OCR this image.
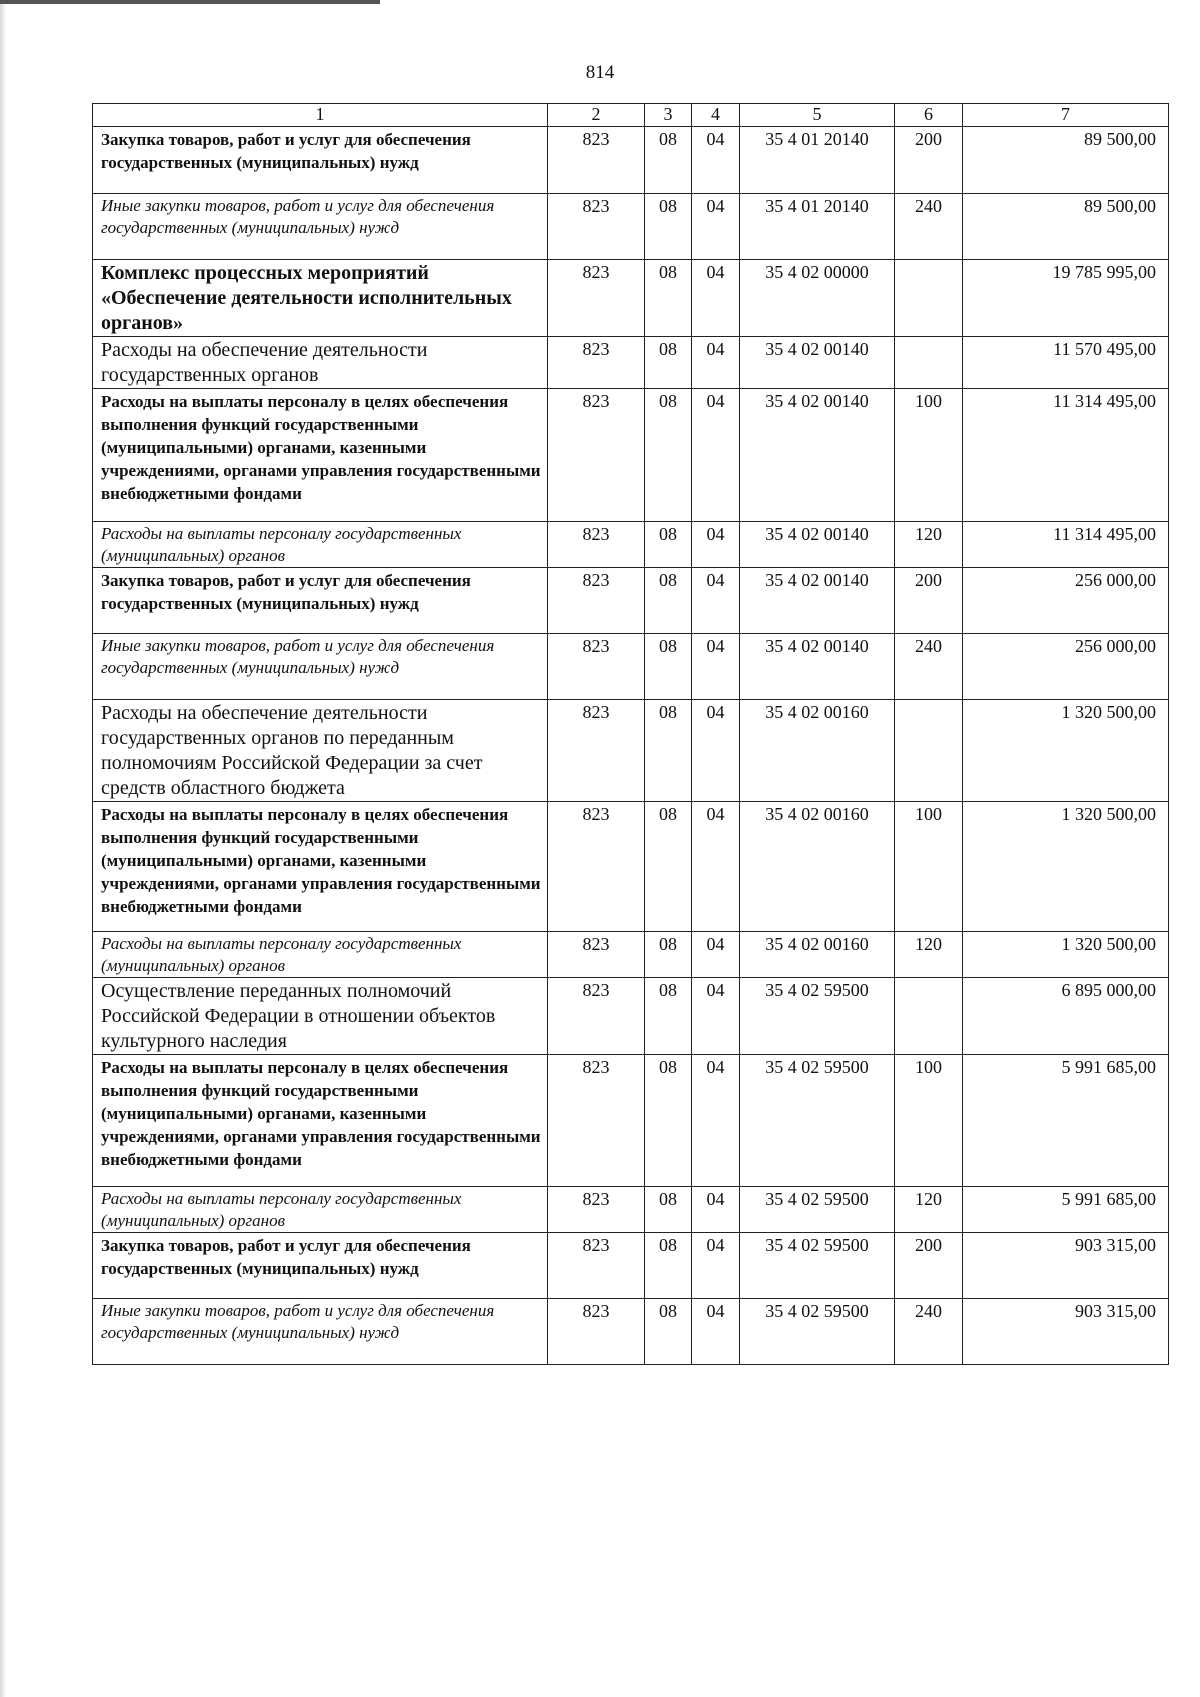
814
1	2	3	4	5	6	7
Закупка товаров, работ и услуг для обеспечения государственных (муниципальных) нужд	823	08	04	35 4 01 20140	200	89 500,00
Иные закупки товаров, работ и услуг для обеспечения государственных (муниципальных) нужд	823	08	04	35 4 01 20140	240	89 500,00
Комплекс процессных мероприятий «Обеспечение деятельности исполнительных органов»	823	08	04	35 4 02 00000		19 785 995,00
Расходы на обеспечение деятельности государственных органов	823	08	04	35 4 02 00140		11 570 495,00
Расходы на выплаты персоналу в целях обеспечения выполнения функций государственными (муниципальными) органами, казенными учреждениями, органами управления государственными внебюджетными фондами	823	08	04	35 4 02 00140	100	11 314 495,00
Расходы на выплаты персоналу государственных (муниципальных) органов	823	08	04	35 4 02 00140	120	11 314 495,00
Закупка товаров, работ и услуг для обеспечения государственных (муниципальных) нужд	823	08	04	35 4 02 00140	200	256 000,00
Иные закупки товаров, работ и услуг для обеспечения государственных (муниципальных) нужд	823	08	04	35 4 02 00140	240	256 000,00
Расходы на обеспечение деятельности государственных органов по переданным полномочиям Российской Федерации за счет средств областного бюджета	823	08	04	35 4 02 00160		1 320 500,00
Расходы на выплаты персоналу в целях обеспечения выполнения функций государственными (муниципальными) органами, казенными учреждениями, органами управления государственными внебюджетными фондами	823	08	04	35 4 02 00160	100	1 320 500,00
Расходы на выплаты персоналу государственных (муниципальных) органов	823	08	04	35 4 02 00160	120	1 320 500,00
Осуществление переданных полномочий Российской Федерации в отношении объектов культурного наследия	823	08	04	35 4 02 59500		6 895 000,00
Расходы на выплаты персоналу в целях обеспечения выполнения функций государственными (муниципальными) органами, казенными учреждениями, органами управления государственными внебюджетными фондами	823	08	04	35 4 02 59500	100	5 991 685,00
Расходы на выплаты персоналу государственных (муниципальных) органов	823	08	04	35 4 02 59500	120	5 991 685,00
Закупка товаров, работ и услуг для обеспечения государственных (муниципальных) нужд	823	08	04	35 4 02 59500	200	903 315,00
Иные закупки товаров, работ и услуг для обеспечения государственных (муниципальных) нужд	823	08	04	35 4 02 59500	240	903 315,00
